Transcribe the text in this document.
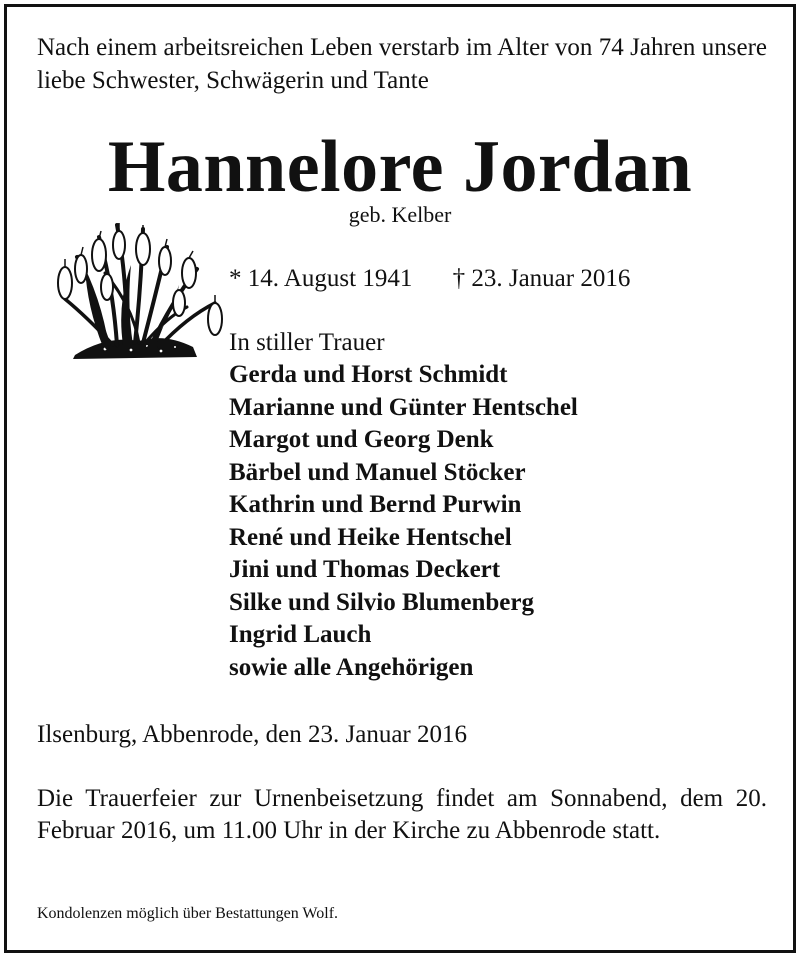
Nach einem arbeitsreichen Leben verstarb im Alter von 74 Jahren unsere liebe Schwester, Schwägerin und Tante
Hannelore Jordan
geb. Kelber
* 14. August 1941 † 23. Januar 2016
In stiller Trauer
Gerda und Horst Schmidt
Marianne und Günter Hentschel
Margot und Georg Denk
Bärbel und Manuel Stöcker
Kathrin und Bernd Purwin
René und Heike Hentschel
Jini und Thomas Deckert
Silke und Silvio Blumenberg
Ingrid Lauch
sowie alle Angehörigen
Ilsenburg, Abbenrode, den 23. Januar 2016
Die Trauerfeier zur Urnenbeisetzung findet am Sonnabend, dem 20. Februar 2016, um 11.00 Uhr in der Kirche zu Abbenrode statt.
Kondolenzen möglich über Bestattungen Wolf.
